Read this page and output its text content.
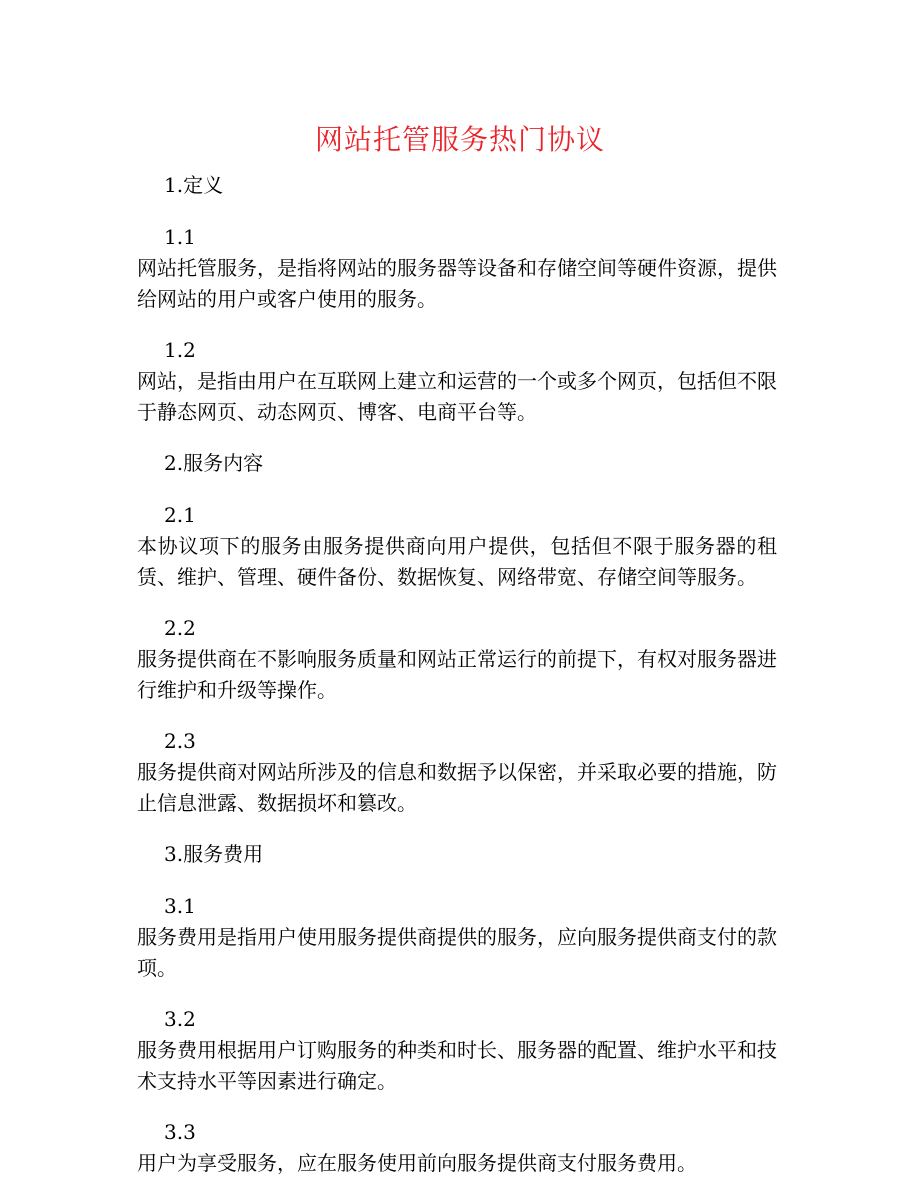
网站托管服务热门协议
1.定义
1.1
网站托管服务，是指将网站的服务器等设备和存储空间等硬件资源，提供给网站的用户或客户使用的服务。
1.2
网站，是指由用户在互联网上建立和运营的一个或多个网页，包括但不限于静态网页、动态网页、博客、电商平台等。
2.服务内容
2.1
本协议项下的服务由服务提供商向用户提供，包括但不限于服务器的租赁、维护、管理、硬件备份、数据恢复、网络带宽、存储空间等服务。
2.2
服务提供商在不影响服务质量和网站正常运行的前提下，有权对服务器进行维护和升级等操作。
2.3
服务提供商对网站所涉及的信息和数据予以保密，并采取必要的措施，防止信息泄露、数据损坏和篡改。
3.服务费用
3.1
服务费用是指用户使用服务提供商提供的服务，应向服务提供商支付的款项。
3.2
服务费用根据用户订购服务的种类和时长、服务器的配置、维护水平和技术支持水平等因素进行确定。
3.3
用户为享受服务，应在服务使用前向服务提供商支付服务费用。
